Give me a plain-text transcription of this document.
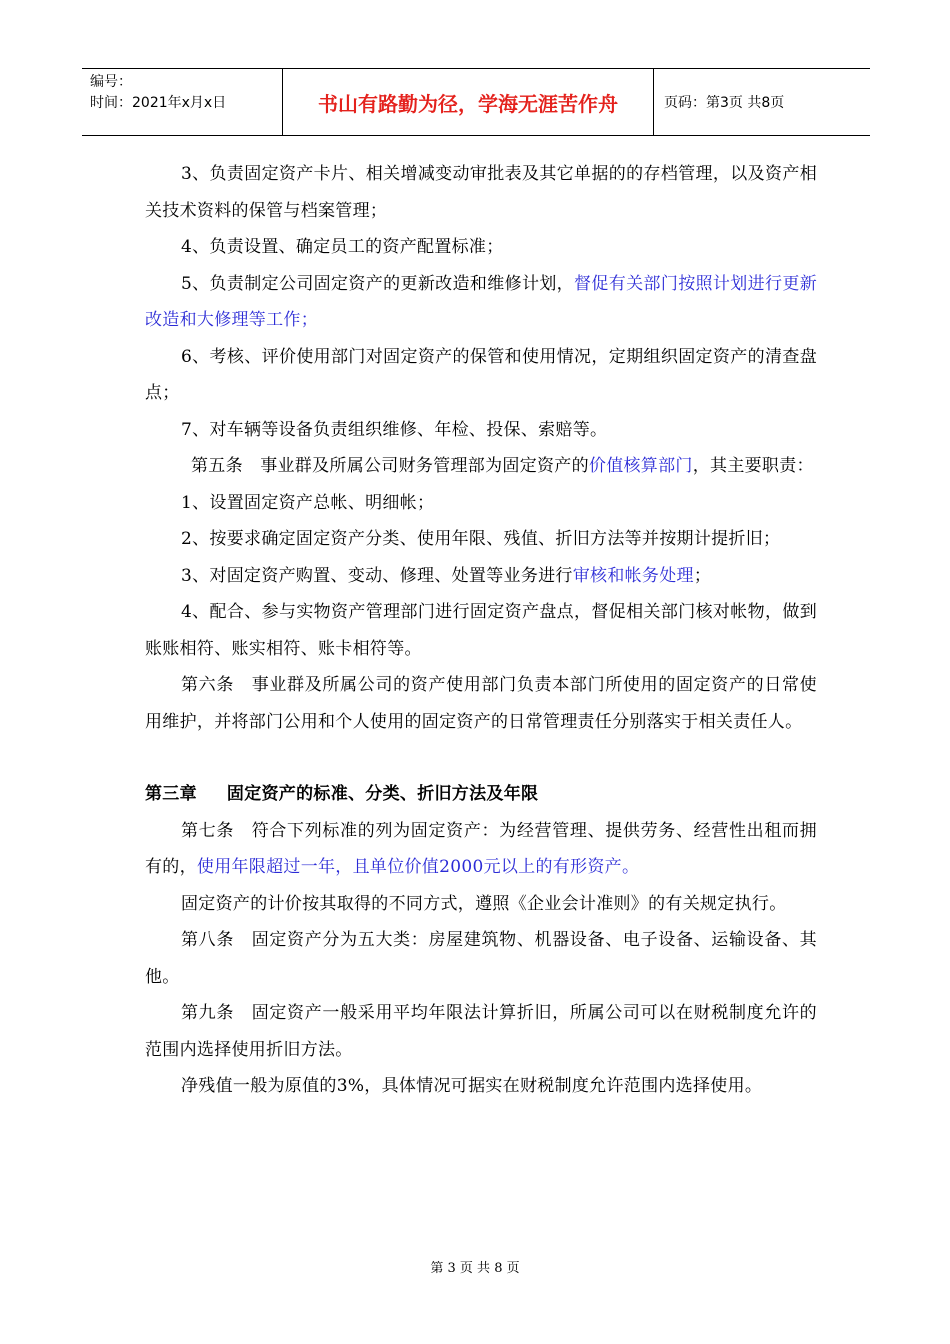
编号：
时间：2021年x月x日	书山有路勤为径，学海无涯苦作舟	页码：第3页 共8页

3、负责固定资产卡片、相关增减变动审批表及其它单据的的存档管理，以及资产相关技术资料的保管与档案管理；

4、负责设置、确定员工的资产配置标准；

5、负责制定公司固定资产的更新改造和维修计划，督促有关部门按照计划进行更新改造和大修理等工作；

6、考核、评价使用部门对固定资产的保管和使用情况，定期组织固定资产的清查盘点；

7、对车辆等设备负责组织维修、年检、投保、索赔等。

第五条　事业群及所属公司财务管理部为固定资产的价值核算部门，其主要职责：

1、设置固定资产总帐、明细帐；

2、按要求确定固定资产分类、使用年限、残值、折旧方法等并按期计提折旧；

3、对固定资产购置、变动、修理、处置等业务进行审核和帐务处理；

4、配合、参与实物资产管理部门进行固定资产盘点，督促相关部门核对帐物，做到账账相符、账实相符、账卡相符等。

第六条　事业群及所属公司的资产使用部门负责本部门所使用的固定资产的日常使用维护，并将部门公用和个人使用的固定资产的日常管理责任分别落实于相关责任人。

第三章 固定资产的标准、分类、折旧方法及年限

第七条　符合下列标准的列为固定资产：为经营管理、提供劳务、经营性出租而拥有的，使用年限超过一年，且单位价值2000元以上的有形资产。

固定资产的计价按其取得的不同方式，遵照《企业会计准则》的有关规定执行。

第八条　固定资产分为五大类：房屋建筑物、机器设备、电子设备、运输设备、其他。

第九条　固定资产一般采用平均年限法计算折旧，所属公司可以在财税制度允许的范围内选择使用折旧方法。

净残值一般为原值的3%，具体情况可据实在财税制度允许范围内选择使用。

第 3 页 共 8 页
